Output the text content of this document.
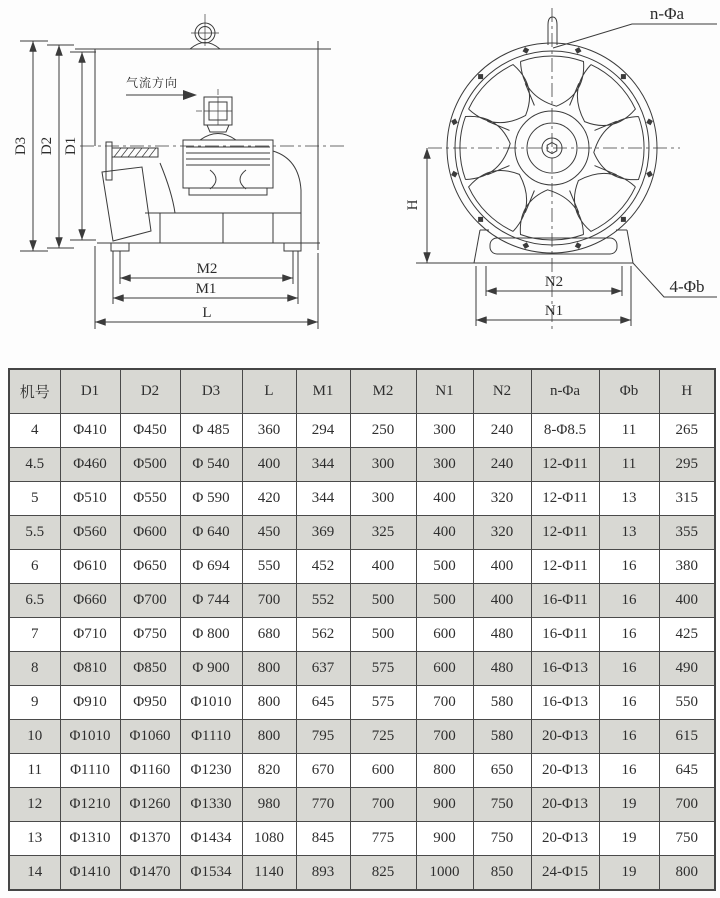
D3 D2 D1
气流方向
M2
M1
L
n-Φa
H
N2
N1
4-Φb
机号	D1	D2	D3	L	M1	M2	N1	N2	n-Φa	Φb	H
4	Φ410	Φ450	Φ 485	360	294	250	300	240	8-Φ8.5	11	265
4.5	Φ460	Φ500	Φ 540	400	344	300	300	240	12-Φ11	11	295
5	Φ510	Φ550	Φ 590	420	344	300	400	320	12-Φ11	13	315
5.5	Φ560	Φ600	Φ 640	450	369	325	400	320	12-Φ11	13	355
6	Φ610	Φ650	Φ 694	550	452	400	500	400	12-Φ11	16	380
6.5	Φ660	Φ700	Φ 744	700	552	500	500	400	16-Φ11	16	400
7	Φ710	Φ750	Φ 800	680	562	500	600	480	16-Φ11	16	425
8	Φ810	Φ850	Φ 900	800	637	575	600	480	16-Φ13	16	490
9	Φ910	Φ950	Φ1010	800	645	575	700	580	16-Φ13	16	550
10	Φ1010	Φ1060	Φ1110	800	795	725	700	580	20-Φ13	16	615
11	Φ1110	Φ1160	Φ1230	820	670	600	800	650	20-Φ13	16	645
12	Φ1210	Φ1260	Φ1330	980	770	700	900	750	20-Φ13	19	700
13	Φ1310	Φ1370	Φ1434	1080	845	775	900	750	20-Φ13	19	750
14	Φ1410	Φ1470	Φ1534	1140	893	825	1000	850	24-Φ15	19	800
